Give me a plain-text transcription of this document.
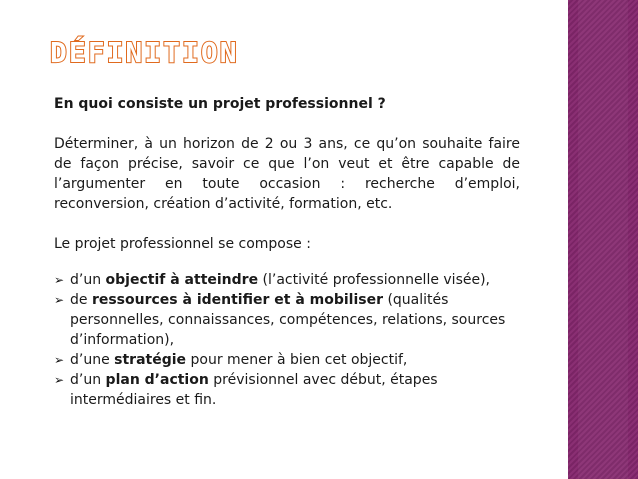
DÉFINITION

En quoi consiste un projet professionnel ?

Déterminer, à un horizon de 2 ou 3 ans, ce qu’on souhaite faire de façon précise, savoir ce que l’on veut et être capable de l’argumenter en toute occasion : recherche d’emploi, reconversion, création d’activité, formation, etc.

Le projet professionnel se compose :

➢ d’un objectif à atteindre (l’activité professionnelle visée),
➢ de ressources à identifier et à mobiliser (qualités personnelles, connaissances, compétences, relations, sources d’information),
➢ d’une stratégie pour mener à bien cet objectif,
➢ d’un plan d’action prévisionnel avec début, étapes intermédiaires et fin.
